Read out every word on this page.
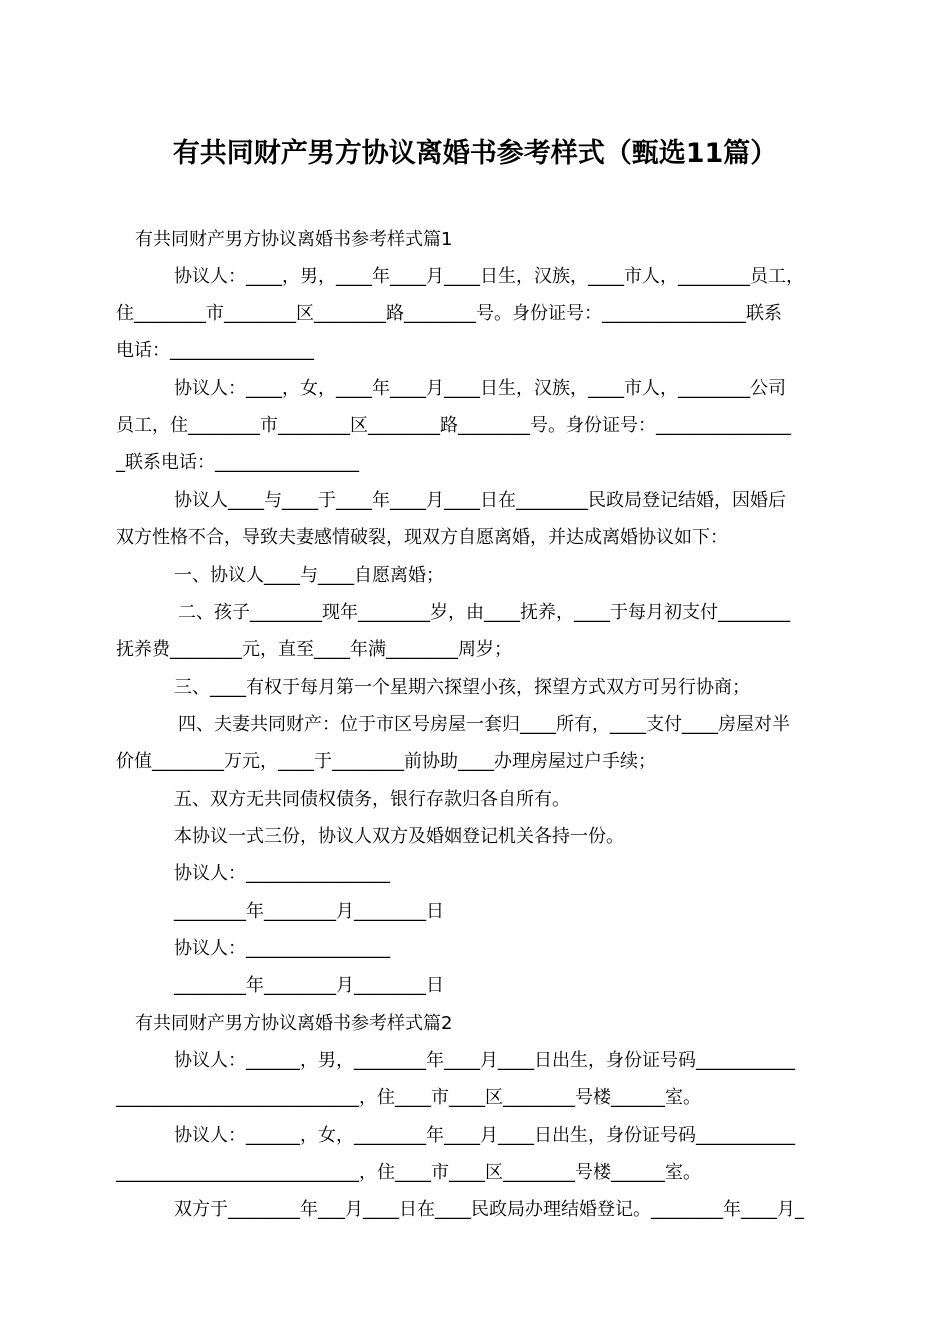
有共同财产男方协议离婚书参考样式（甄选11篇）
有共同财产男方协议离婚书参考样式篇1
协议人：____，男，____年____月____日生，汉族，____市人，________员工，
住________市________区________路________号。身份证号：________________联系
电话：________________
协议人：____，女，____年____月____日生，汉族，____市人，________公司
员工，住________市________区________路________号。身份证号：_______________
_联系电话：________________
协议人____与____于____年____月____日在________民政局登记结婚，因婚后
双方性格不合，导致夫妻感情破裂，现双方自愿离婚，并达成离婚协议如下：
一、协议人____与____自愿离婚；
二、孩子________现年________岁，由____抚养，____于每月初支付________
抚养费________元，直至____年满________周岁；
三、____有权于每月第一个星期六探望小孩，探望方式双方可另行协商；
四、夫妻共同财产：位于市区号房屋一套归____所有，____支付____房屋对半
价值________万元，____于________前协助____办理房屋过户手续；
五、双方无共同债权债务，银行存款归各自所有。
本协议一式三份，协议人双方及婚姻登记机关各持一份。
协议人：________________
________年________月________日
协议人：________________
________年________月________日
有共同财产男方协议离婚书参考样式篇2
协议人：______，男，________年____月____日出生，身份证号码___________
___________________________，住____市____区________号楼______室。
协议人：______，女，________年____月____日出生，身份证号码___________
___________________________，住____市____区________号楼______室。
双方于________年___月____日在____民政局办理结婚登记。________年____月_
